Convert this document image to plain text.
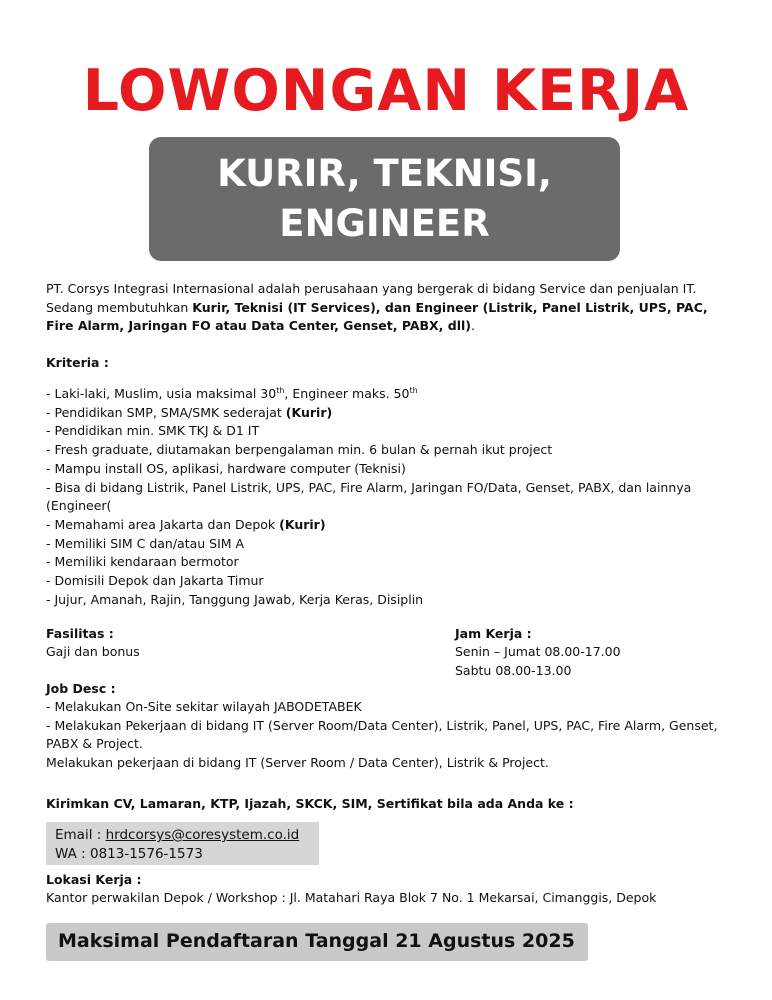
LOWONGAN KERJA
KURIR, TEKNISI,
ENGINEER
PT. Corsys Integrasi Internasional adalah perusahaan yang bergerak di bidang Service dan penjualan IT. Sedang membutuhkan Kurir, Teknisi (IT Services), dan Engineer (Listrik, Panel Listrik, UPS, PAC, Fire Alarm, Jaringan FO atau Data Center, Genset, PABX, dll).
Kriteria :
- Laki-laki, Muslim, usia maksimal 30th, Engineer maks. 50th
- Pendidikan SMP, SMA/SMK sederajat (Kurir)
- Pendidikan min. SMK TKJ & D1 IT
- Fresh graduate, diutamakan berpengalaman min. 6 bulan & pernah ikut project
- Mampu install OS, aplikasi, hardware computer (Teknisi)
- Bisa di bidang Listrik, Panel Listrik, UPS, PAC, Fire Alarm, Jaringan FO/Data, Genset, PABX, dan lainnya
(Engineer(
- Memahami area Jakarta dan Depok (Kurir)
- Memiliki SIM C dan/atau SIM A
- Memiliki kendaraan bermotor
- Domisili Depok dan Jakarta Timur
- Jujur, Amanah, Rajin, Tanggung Jawab, Kerja Keras, Disiplin
Fasilitas :
Gaji dan bonus
Jam Kerja :
Senin – Jumat 08.00-17.00
Sabtu 08.00-13.00
Job Desc :
- Melakukan On-Site sekitar wilayah JABODETABEK
- Melakukan Pekerjaan di bidang IT (Server Room/Data Center), Listrik, Panel, UPS, PAC, Fire Alarm, Genset,
PABX & Project.
Melakukan pekerjaan di bidang IT (Server Room / Data Center), Listrik & Project.
Kirimkan CV, Lamaran, KTP, Ijazah, SKCK, SIM, Sertifikat bila ada Anda ke :
Email : hrdcorsys@coresystem.co.id
WA : 0813-1576-1573
Lokasi Kerja :
Kantor perwakilan Depok / Workshop : Jl. Matahari Raya Blok 7 No. 1 Mekarsai, Cimanggis, Depok
Maksimal Pendaftaran Tanggal 21 Agustus 2025
